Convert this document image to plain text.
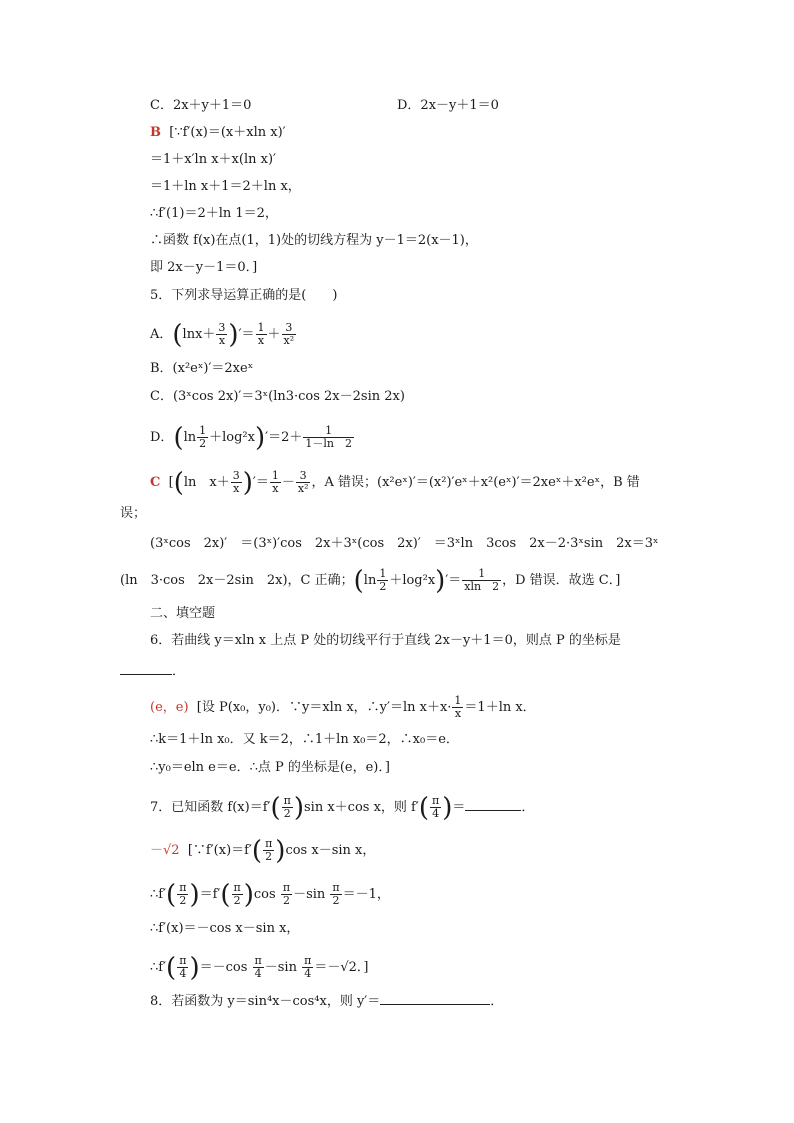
C．2x＋y＋1＝0	D．2x－y＋1＝0
B [∵f′(x)＝(x＋xln x)′
＝1＋x′ln x＋x(ln x)′
＝1＋ln x＋1＝2＋ln x，
∴f′(1)＝2＋ln 1＝2，
∴函数 f(x)在点(1，1)处的切线方程为 y－1＝2(x－1)，
即 2x－y－1＝0．]
5．下列求导运算正确的是(　　)
A．($\ln x+ \frac{3}{x}$ )′＝ $\frac{1}{x} + \frac{3}{\text{x²}}$
B．(x²eˣ)′＝2xeˣ
C．(3ˣcos 2x)′＝3ˣ(ln3·cos 2x－2sin 2x)
D．$(\ln \frac{1}{2} +\log^2x)'=2+ \frac{1}{1-\ln 2}$
C [(ln　$x+ \frac{3}{x}$ )′＝ $\frac{1}{x} - \frac{3}{\text{x²}}$ ，A 错误；(x²eˣ)′＝(x²)′eˣ＋x²(eˣ)′＝2xeˣ＋x²eˣ，B 错
误；
(3ˣcos　2x)′　＝(3ˣ)′cos　2x＋3ˣ(cos　2x)′　＝3ˣln　3cos　2x－2·3ˣsin　2x＝3ˣ
(ln　3·cos　2x－2sin　2x)，C 正确；$(\ln \frac{1}{2} +\log^2x)'= \frac{1}{xln 2}$ ，D 错误．故选 C．]
二、填空题
6．若曲线 y＝xln x 上点 P 处的切线平行于直线 2x－y＋1＝0，则点 P 的坐标是
．
(e，e) [设 P(x₀，y₀)．∵y＝xln x，∴y′＝ln $x+x\cdot \frac{1}{x} =1+\ln$ x．
∴k＝1＋ln x₀．又 k＝2，∴1＋ln x₀＝2，∴x₀＝e．
∴y₀＝eln e＝e．∴点 P 的坐标是(e，e)．]
7．已知函数 $f(x)=f'( \frac{\pi}{2} )\sin$ x＋cos x，则 $f'( \frac{\pi}{4}$ )＝	．
－√2 [∵f′(x)＝f′( $\frac{\pi}{2} )\cos$ x－sin x，
∴f′( $\frac{\pi}{2} )=f'( \frac{\pi}{2} )\cos \frac{\pi}{2} -\sin \frac{\pi}{2} =-1$，
∴f′(x)＝－cos x－sin x，
∴f′( $\frac{\pi}{4} )=-\cos \frac{\pi}{4} -\sin \frac{\pi}{4} =-√2$．]
8．若函数为 y＝sin⁴x－cos⁴x，则 y′＝	．
